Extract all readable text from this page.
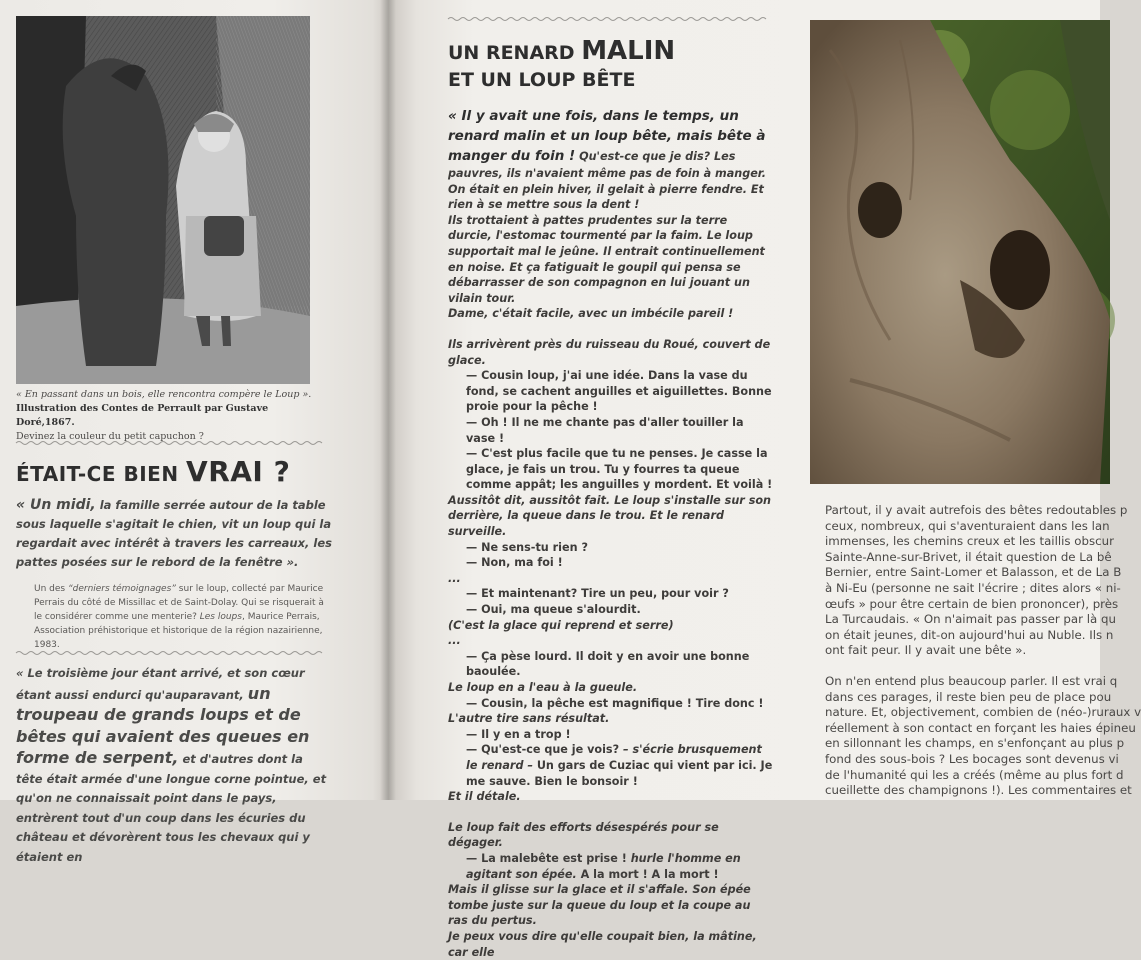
« En passant dans un bois, elle rencontra compère le Loup ».
Illustration des Contes de Perrault par Gustave Doré,1867.
Devinez la couleur du petit capuchon ?
ÉTAIT-CE BIEN VRAI ?
« Un midi, la famille serrée autour de la table sous laquelle s'agitait le chien, vit un loup qui la regardait avec intérêt à travers les carreaux, les pattes posées sur le rebord de la fenêtre ».
Un des “derniers témoignages” sur le loup, collecté par Maurice Perrais du côté de Missillac et de Saint-Dolay. Qui se risquerait à le considérer comme une menterie? Les loups, Maurice Perrais, Association préhistorique et historique de la région nazairienne, 1983.
« Le troisième jour étant arrivé, et son cœur étant aussi endurci qu'auparavant, un troupeau de grands loups et de bêtes qui avaient des queues en forme de serpent, et d'autres dont la tête était armée d'une longue corne pointue, et qu'on ne connaissait point dans le pays, entrèrent tout d'un coup dans les écuries du château et dévorèrent tous les chevaux qui y étaient en
UN RENARD MALIN
ET UN LOUP BÊTE

« Il y avait une fois, dans le temps, un renard malin et un loup bête, mais bête à manger du foin ! Qu'est-ce que je dis? Les pauvres, ils n'avaient même pas de foin à manger. On était en plein hiver, il gelait à pierre fendre. Et rien à se mettre sous la dent !

Ils trottaient à pattes prudentes sur la terre durcie, l'estomac tourmenté par la faim. Le loup supportait mal le jeûne. Il entrait continuellement en noise. Et ça fatiguait le goupil qui pensa se débarrasser de son compagnon en lui jouant un vilain tour.

Dame, c'était facile, avec un imbécile pareil !

Ils arrivèrent près du ruisseau du Roué, couvert de glace.

— Cousin loup, j'ai une idée. Dans la vase du fond, se cachent anguilles et aiguillettes. Bonne proie pour la pêche !

— Oh ! Il ne me chante pas d'aller touiller la vase !

— C'est plus facile que tu ne penses. Je casse la glace, je fais un trou. Tu y fourres ta queue comme appât; les anguilles y mordent. Et voilà !

Aussitôt dit, aussitôt fait. Le loup s'installe sur son derrière, la queue dans le trou. Et le renard surveille.

— Ne sens-tu rien ?

— Non, ma foi !

...

— Et maintenant? Tire un peu, pour voir ?

— Oui, ma queue s'alourdit.

(C'est la glace qui reprend et serre)

...

— Ça pèse lourd. Il doit y en avoir une bonne baoulée.

Le loup en a l'eau à la gueule.

— Cousin, la pêche est magnifique ! Tire donc !

L'autre tire sans résultat.

— Il y en a trop !

— Qu'est-ce que je vois? – s'écrie brusquement le renard – Un gars de Cuziac qui vient par ici. Je me sauve. Bien le bonsoir !

Et il détale.

Le loup fait des efforts désespérés pour se dégager.

— La malebête est prise ! hurle l'homme en agitant son épée. A la mort ! A la mort !

Mais il glisse sur la glace et il s'affale. Son épée tombe juste sur la queue du loup et la coupe au ras du pertus.

Je peux vous dire qu'elle coupait bien, la mâtine, car elle

Partout, il y avait autrefois des bêtes redoutables p

ceux, nombreux, qui s'aventuraient dans les lan

immenses, les chemins creux et les taillis obscur

Sainte-Anne-sur-Brivet, il était question de La bê

Bernier, entre Saint-Lomer et Balasson, et de La B

à Ni-Eu (personne ne sait l'écrire ; dites alors « ni-

œufs » pour être certain de bien prononcer), près

La Turcaudais. « On n'aimait pas passer par là qu

on était jeunes, dit-on aujourd'hui au Nuble. Ils n

ont fait peur. Il y avait une bête ».

On n'en entend plus beaucoup parler. Il est vrai q

dans ces parages, il reste bien peu de place pou

nature. Et, objectivement, combien de (néo-)ruraux v

réellement à son contact en forçant les haies épineu

en sillonnant les champs, en s'enfonçant au plus p

fond des sous-bois ? Les bocages sont devenus vi

de l'humanité qui les a créés (même au plus fort d

cueillette des champignons !). Les commentaires et
